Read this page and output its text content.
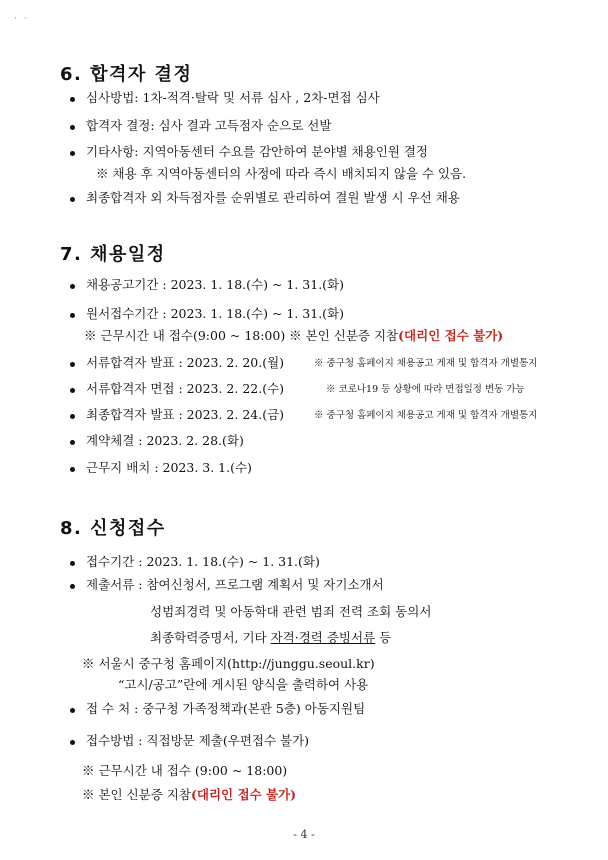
· ·
6. 합격자 결정
심사방법: 1차-적격·탈락 및 서류 심사 , 2차-면접 심사
합격자 결정: 심사 결과 고득점자 순으로 선발
기타사항: 지역아동센터 수요를 감안하여 분야별 채용인원 결정
※ 채용 후 지역아동센터의 사정에 따라 즉시 배치되지 않을 수 있음.
최종합격자 외 차득점자를 순위별로 관리하여 결원 발생 시 우선 채용
7. 채용일정
채용공고기간 : 2023. 1. 18.(수) ~ 1. 31.(화)
원서접수기간 : 2023. 1. 18.(수) ~ 1. 31.(화)
※ 근무시간 내 접수(9:00 ~ 18:00) ※ 본인 신분증 지참(대리인 접수 불가)
서류합격자 발표 : 2023. 2. 20.(월)	※ 중구청 홈페이지 채용공고 게재 및 합격자 개별통지
서류합격자 면접 : 2023. 2. 22.(수)	※ 코로나19 등 상황에 따라 면접일정 변동 가능
최종합격자 발표 : 2023. 2. 24.(금)	※ 중구청 홈페이지 채용공고 게재 및 합격자 개별통지
계약체결 : 2023. 2. 28.(화)
근무지 배치 : 2023. 3. 1.(수)
8. 신청접수
접수기간 : 2023. 1. 18.(수) ~ 1. 31.(화)
제출서류 : 참여신청서, 프로그램 계획서 및 자기소개서
성범죄경력 및 아동학대 관련 범죄 전력 조회 동의서
최종학력증명서, 기타 자격·경력 증빙서류 등
※ 서울시 중구청 홈페이지(http://junggu.seoul.kr)
“고시/공고”란에 게시된 양식을 출력하여 사용
접 수 처 : 중구청 가족정책과(본관 5층) 아동지원팀
접수방법 : 직접방문 제출(우편접수 불가)
※ 근무시간 내 접수 (9:00 ~ 18:00)
※ 본인 신분증 지참(대리인 접수 불가)
- 4 -
